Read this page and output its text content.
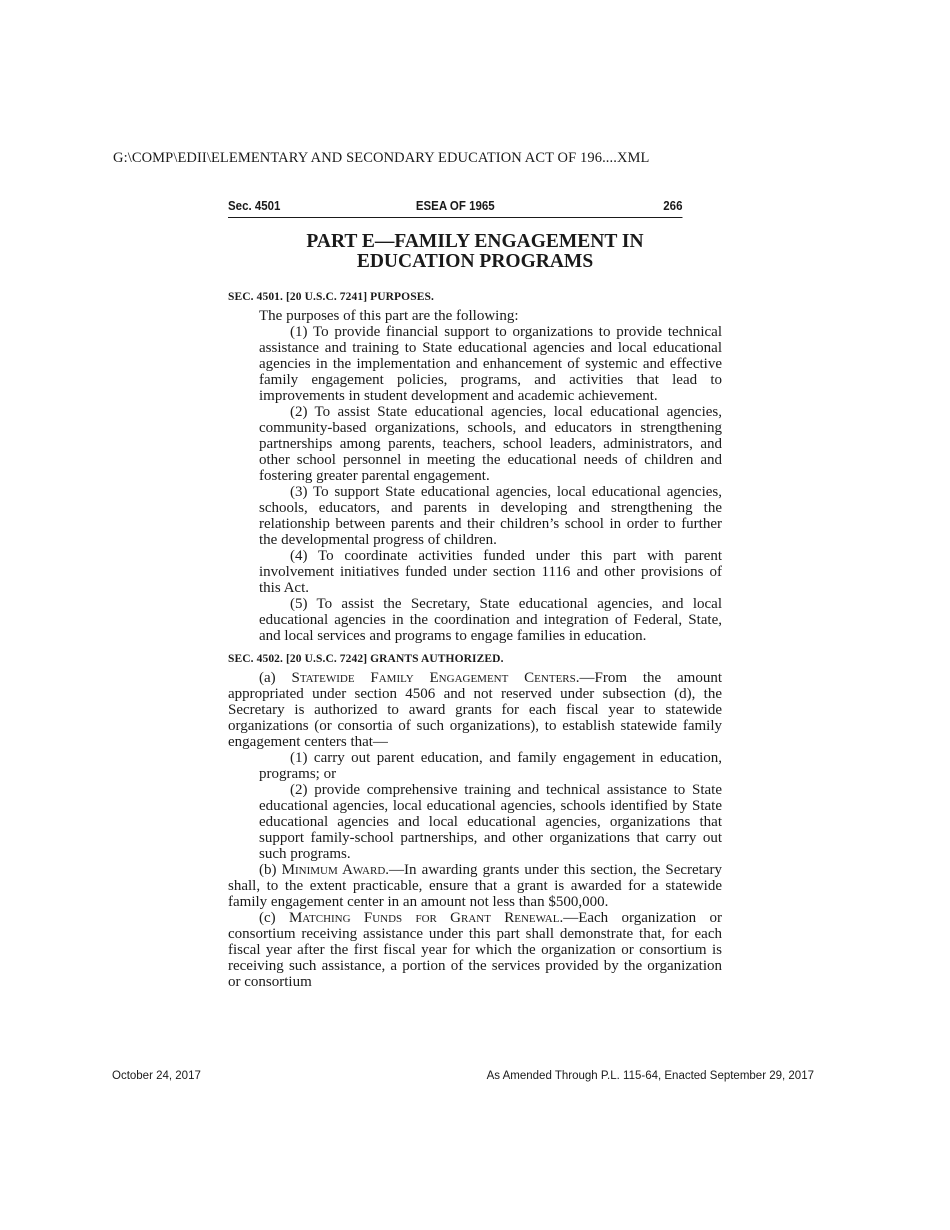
G:\COMP\EDII\ELEMENTARY AND SECONDARY EDUCATION ACT OF 196....XML
Sec. 4501	ESEA OF 1965	266
PART E—FAMILY ENGAGEMENT IN
EDUCATION PROGRAMS
SEC. 4501. [20 U.S.C. 7241] PURPOSES.

The purposes of this part are the following:

(1) To provide financial support to organizations to provide technical assistance and training to State educational agencies and local educational agencies in the implementation and enhancement of systemic and effective family engagement policies, programs, and activities that lead to improvements in student development and academic achievement.

(2) To assist State educational agencies, local educational agencies, community-based organizations, schools, and educators in strengthening partnerships among parents, teachers, school leaders, administrators, and other school personnel in meeting the educational needs of children and fostering greater parental engagement.

(3) To support State educational agencies, local educational agencies, schools, educators, and parents in developing and strengthening the relationship between parents and their children’s school in order to further the developmental progress of children.

(4) To coordinate activities funded under this part with parent involvement initiatives funded under section 1116 and other provisions of this Act.

(5) To assist the Secretary, State educational agencies, and local educational agencies in the coordination and integration of Federal, State, and local services and programs to engage families in education.

SEC. 4502. [20 U.S.C. 7242] GRANTS AUTHORIZED.

(a) Statewide Family Engagement Centers.—From the amount appropriated under section 4506 and not reserved under subsection (d), the Secretary is authorized to award grants for each fiscal year to statewide organizations (or consortia of such organizations), to establish statewide family engagement centers that—

(1) carry out parent education, and family engagement in education, programs; or

(2) provide comprehensive training and technical assistance to State educational agencies, local educational agencies, schools identified by State educational agencies and local educational agencies, organizations that support family-school partnerships, and other organizations that carry out such programs.

(b) Minimum Award.—In awarding grants under this section, the Secretary shall, to the extent practicable, ensure that a grant is awarded for a statewide family engagement center in an amount not less than $500,000.

(c) Matching Funds for Grant Renewal.—Each organization or consortium receiving assistance under this part shall demonstrate that, for each fiscal year after the first fiscal year for which the organization or consortium is receiving such assistance, a portion of the services provided by the organization or consortium

October 24, 2017	As Amended Through P.L. 115-64, Enacted September 29, 2017
